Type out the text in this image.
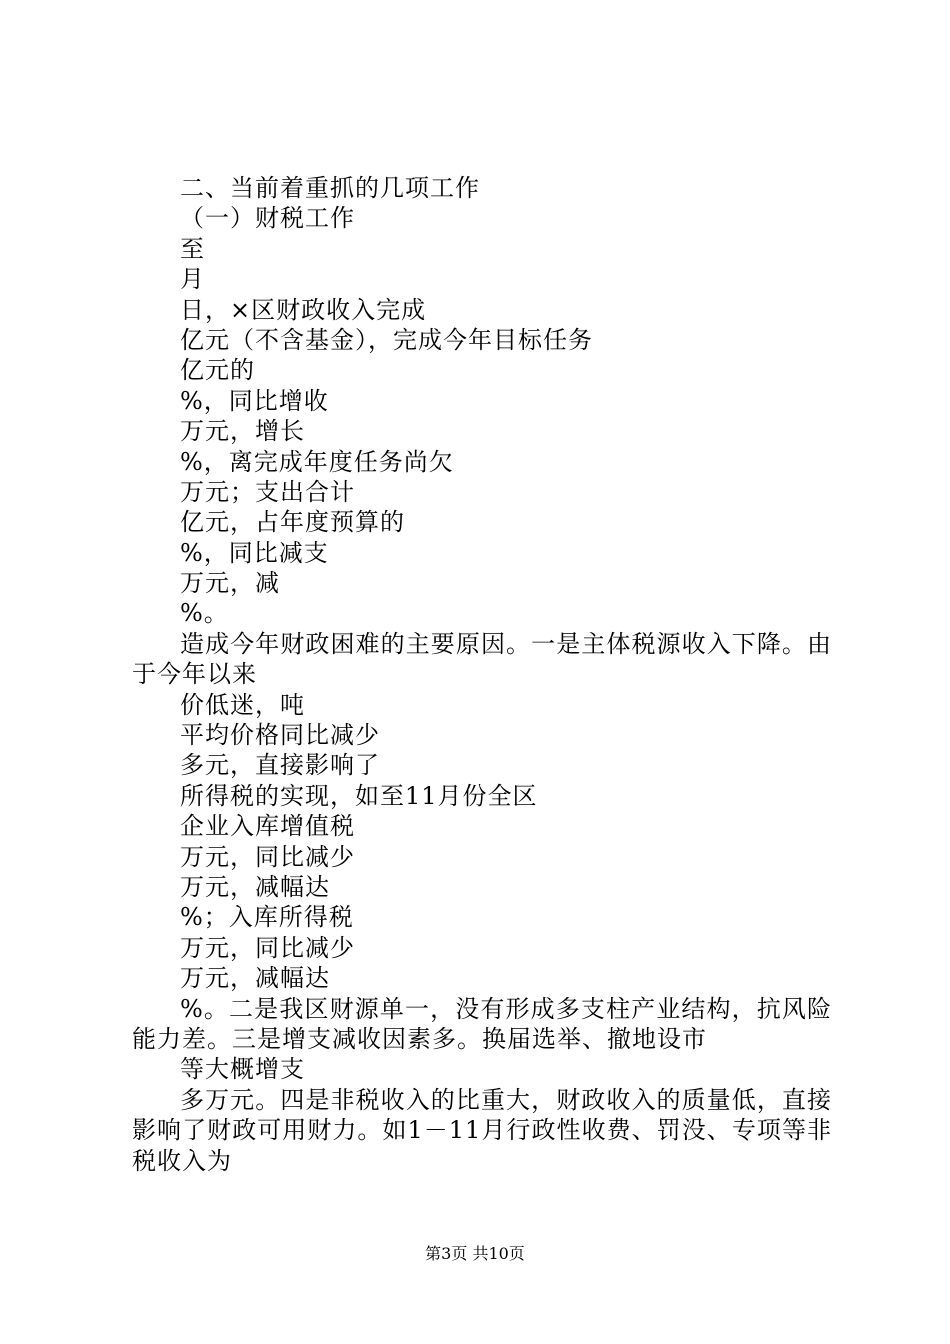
二、当前着重抓的几项工作
（一）财税工作
至
月
日，×区财政收入完成
亿元（不含基金），完成今年目标任务
亿元的
%，同比增收
万元，增长
%，离完成年度任务尚欠
万元；支出合计
亿元，占年度预算的
%，同比减支
万元，减
%。
造成今年财政困难的主要原因。一是主体税源收入下降。由于今年以来
价低迷，吨
平均价格同比减少
多元，直接影响了
所得税的实现，如至11月份全区
企业入库增值税
万元，同比减少
万元，减幅达
%；入库所得税
万元，同比减少
万元，减幅达
%。二是我区财源单一，没有形成多支柱产业结构，抗风险能力差。三是增支减收因素多。换届选举、撤地设市
等大概增支
多万元。四是非税收入的比重大，财政收入的质量低，直接影响了财政可用财力。如1－11月行政性收费、罚没、专项等非税收入为
第3页 共10页
